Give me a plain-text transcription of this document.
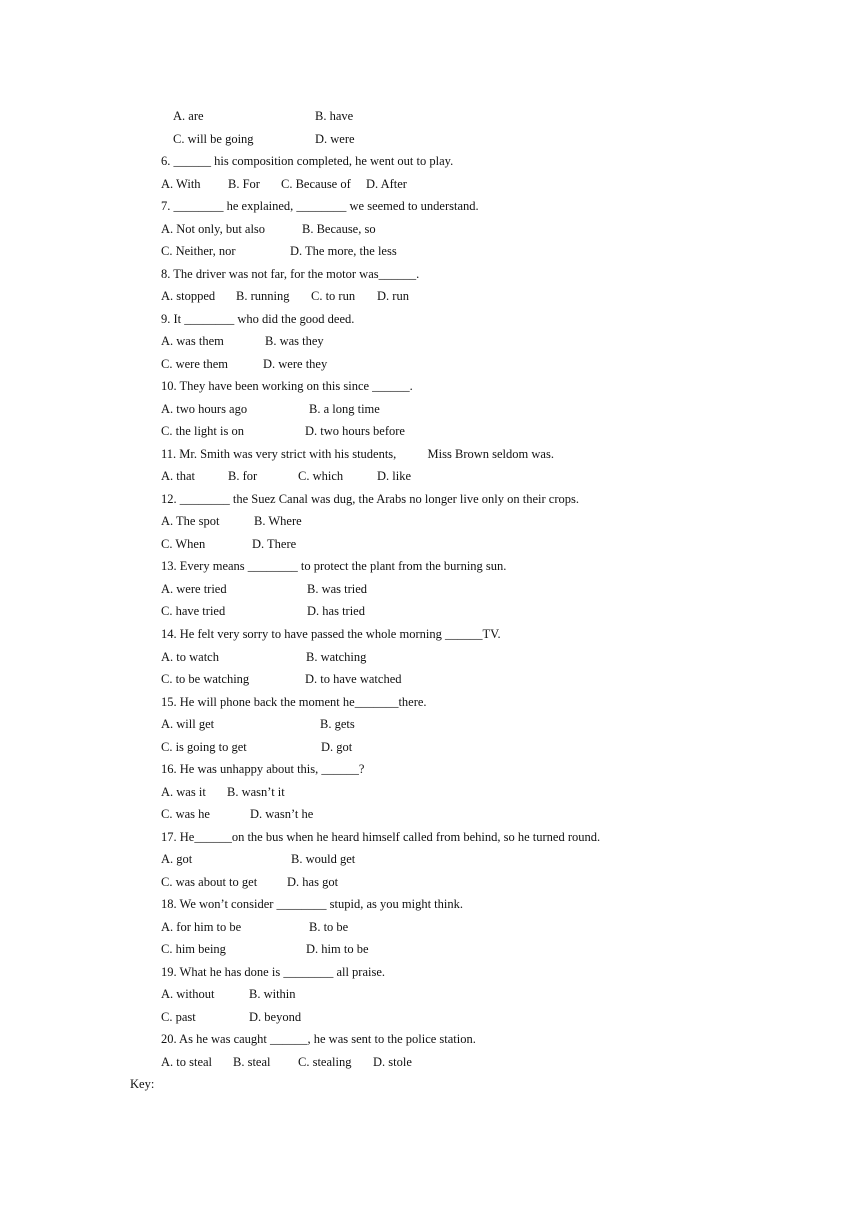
A. are	B. have
C. will be going	D. were
6. ______ his composition completed, he went out to play.
A. With B. For C. Because of D. After
7. ________ he explained, ________ we seemed to understand.
A. Not only, but also	B. Because, so
C. Neither, nor	D. The more, the less
8. The driver was not far, for the motor was______.
A. stopped B. running C. to run D. run
9. It ________ who did the good deed.
A. was them	B. was they
C. were them	D. were they
10. They have been working on this since ______.
A. two hours ago	B. a long time
C. the light is on	D. two hours before
11. Mr. Smith was very strict with his students,          Miss Brown seldom was.
A. that	B. for	C. which	D. like
12. ________ the Suez Canal was dug, the Arabs no longer live only on their crops.
A. The spot	B. Where
C. When	D. There
13. Every means ________ to protect the plant from the burning sun.
A. were tried	B. was tried
C. have tried	D. has tried
14. He felt very sorry to have passed the whole morning ______TV.
A. to watch	B. watching
C. to be watching	D. to have watched
15. He will phone back the moment he_______there.
A. will get	B. gets
C. is going to get	D. got
16. He was unhappy about this, ______?
A. was it B. wasn’t it
C. was he	D. wasn’t he
17. He______on the bus when he heard himself called from behind, so he turned round.
A. got	B. would get
C. was about to get D. has got
18. We won’t consider ________ stupid, as you might think.
A. for him to be	B. to be
C. him being	D. him to be
19. What he has done is ________ all praise.
A. without	B. within
C. past	D. beyond
20. As he was caught ______, he was sent to the police station.
A. to steal B. steal C. stealing D. stole
Key:
